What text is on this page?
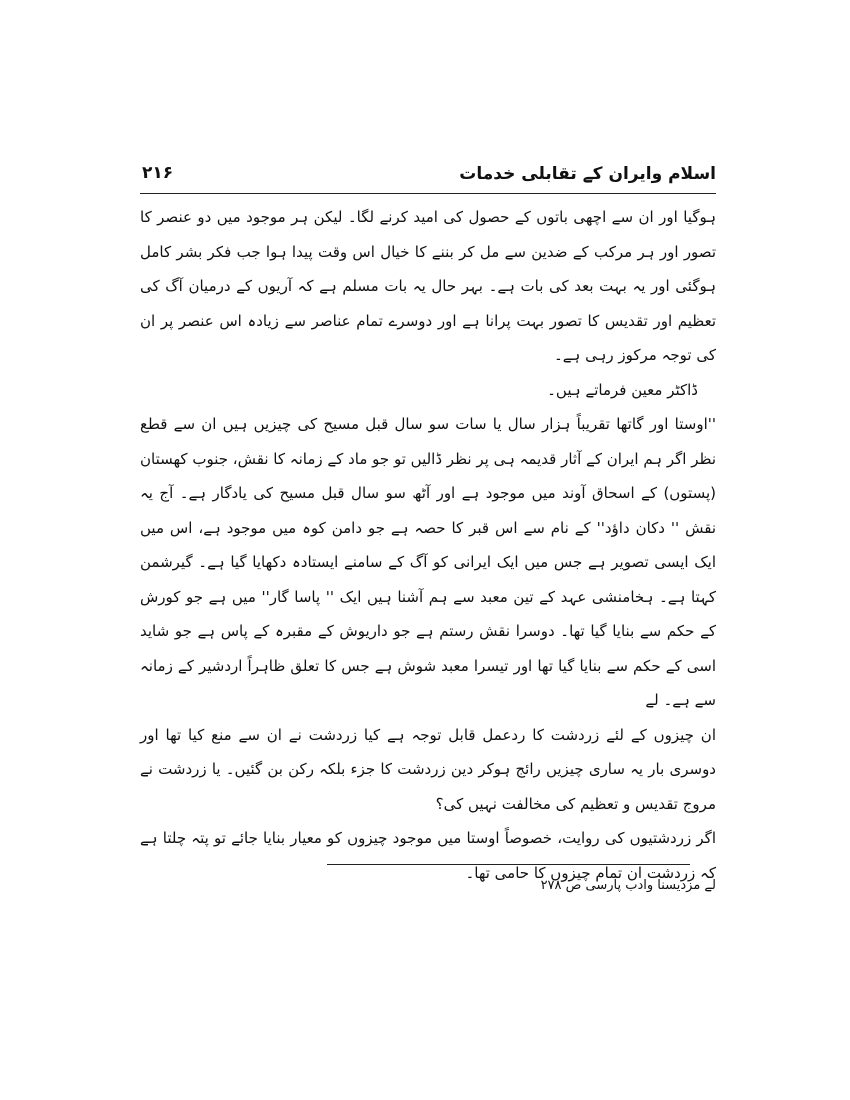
اسلام وایران کے تقابلی خدمات
۲۱۶

ہوگیا اور ان سے اچھی باتوں کے حصول کی امید کرنے لگا۔ لیکن ہر موجود میں دو عنصر کا تصور اور ہر مرکب کے ضدین سے مل کر بننے کا خیال اس وقت پیدا ہوا جب فکر بشر کامل ہوگئی اور یہ بہت بعد کی بات ہے۔ بہر حال یہ بات مسلم ہے کہ آریوں کے درمیان آگ کی تعظیم اور تقدیس کا تصور بہت پرانا ہے اور دوسرے تمام عناصر سے زیادہ اس عنصر پر ان کی توجہ مرکوز رہی ہے۔

ڈاکٹر معین فرماتے ہیں۔

''اوستا اور گاتھا تقریباً ہزار سال یا سات سو سال قبل مسیح کی چیزیں ہیں ان سے قطع نظر اگر ہم ایران کے آثار قدیمہ ہی پر نظر ڈالیں تو جو ماد کے زمانہ کا نقش، جنوب کھستان (پستوں) کے اسحاق آوند میں موجود ہے اور آٹھ سو سال قبل مسیح کی یادگار ہے۔ آج یہ نقش '' دکان داؤد'' کے نام سے اس قبر کا حصہ ہے جو دامن کوہ میں موجود ہے، اس میں ایک ایسی تصویر ہے جس میں ایک ایرانی کو آگ کے سامنے ایستادہ دکھایا گیا ہے۔ گیرشمن کہتا ہے۔ ہخامنشی عہد کے تین معبد سے ہم آشنا ہیں ایک '' پاسا گار'' میں ہے جو کورش کے حکم سے بنایا گیا تھا۔ دوسرا نقش رستم ہے جو داریوش کے مقبرہ کے پاس ہے جو شاید اسی کے حکم سے بنایا گیا تھا اور تیسرا معبد شوش ہے جس کا تعلق ظاہراً اردشیر کے زمانہ سے ہے۔ لے

ان چیزوں کے لئے زردشت کا ردعمل قابل توجہ ہے کیا زردشت نے ان سے منع کیا تھا اور دوسری بار یہ ساری چیزیں رائج ہوکر دین زردشت کا جزء بلکہ رکن بن گئیں۔ یا زردشت نے مروج تقدیس و تعظیم کی مخالفت نہیں کی؟

اگر زردشتیوں کی روایت، خصوصاً اوستا میں موجود چیزوں کو معیار بنایا جائے تو پتہ چلتا ہے کہ زردشت ان تمام چیزوں کا حامی تھا۔

لے مزدیسنا وادب پارسی ص ۲۷۸
